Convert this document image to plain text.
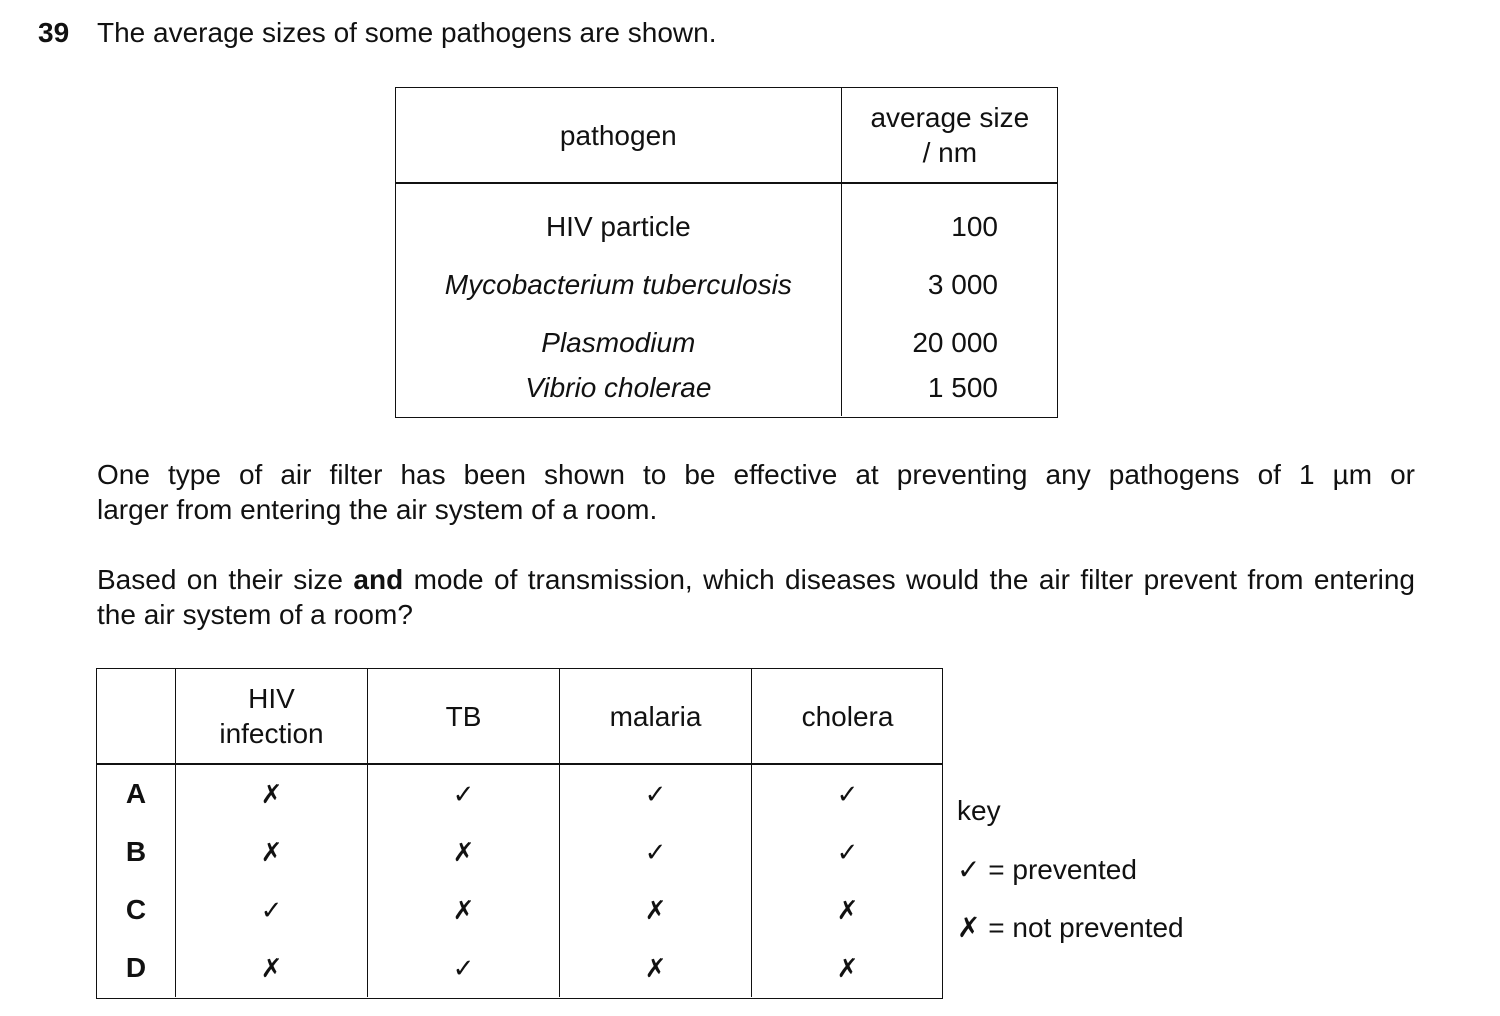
39 The average sizes of some pathogens are shown.
pathogen	average size
/ nm
HIV particle	100
Mycobacterium tuberculosis	3 000
Plasmodium	20 000
Vibrio cholerae	1 500
One type of air filter has been shown to be effective at preventing any pathogens of 1 µm or
larger from entering the air system of a room.
Based on their size and mode of transmission, which diseases would the air filter prevent from entering the air system of a room?
	HIV
infection	TB	malaria	cholera
A	✗	✓	✓	✓
B	✗	✗	✓	✓
C	✓	✗	✗	✗
D	✗	✓	✗	✗
key
✓ = prevented
✗ = not prevented
